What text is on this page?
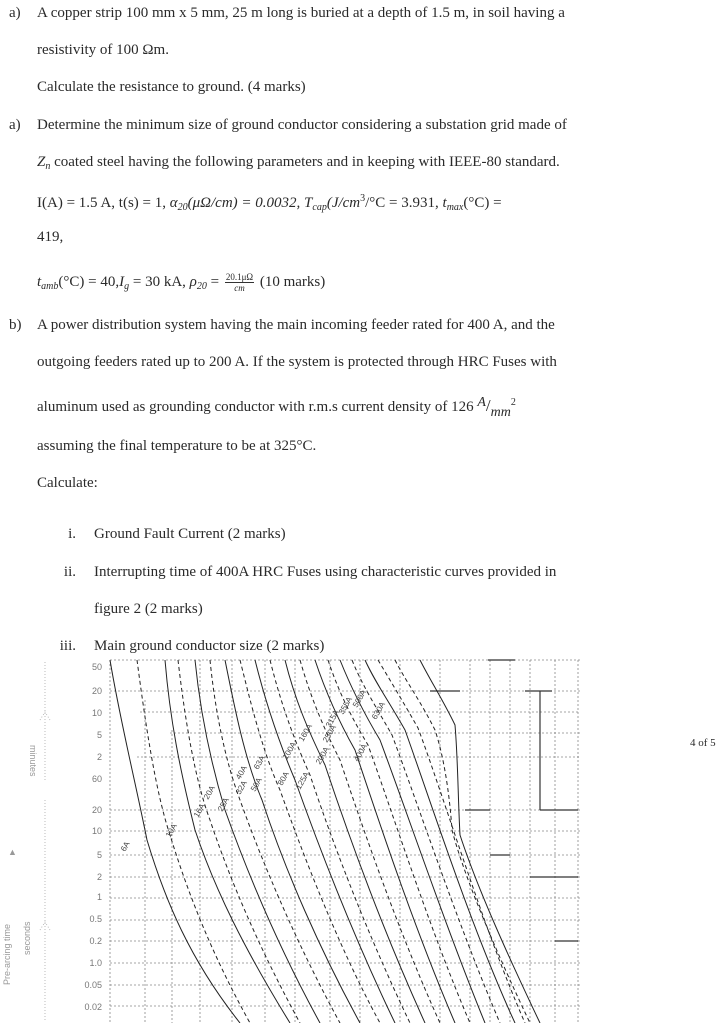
a) A copper strip 100 mm x 5 mm, 25 m long is buried at a depth of 1.5 m, in soil having a
resistivity of 100 Ωm.
Calculate the resistance to ground. (4 marks)
a) Determine the minimum size of ground conductor considering a substation grid made of
$Z_n$ coated steel having the following parameters and in keeping with IEEE-80 standard.
I(A) = 1.5 A, t(s) = 1, $\alpha_{20}(\mu\Omega/cm) = 0.0032$, $T_{cap}(J/cm^3/^\circ C = 3.931$, $t_{max}(^\circ C)$ =
419,
$t_{amb}(^\circ C) = 40,I_g = 30$ kA, $\rho_{20} = \frac{20.1\mu\Omega}{cm} (10$ marks)
b) A power distribution system having the main incoming feeder rated for 400 A, and the
outgoing feeders rated up to 200 A. If the system is protected through HRC Fuses with
aluminum used as grounding conductor with r.m.s current density of 126 $A/mm^2$
assuming the final temperature to be at 325°C.
Calculate:
i. Ground Fault Current (2 marks)
ii. Interrupting time of 400A HRC Fuses using characteristic curves provided in
figure 2 (2 marks)
iii. Main ground conductor size (2 marks)
4 of 5
6A
10A
16A
20A
25A
32A
40A
50A
63A
80A
100A
125A
160A
200A
250A
315A
355A
400A
500A
630A
50
20
10
5
2
60
20
10
5
2
1
0.5
0.2
1.0
0.05
0.02
minutes
Pre-arcing time seconds
▲
